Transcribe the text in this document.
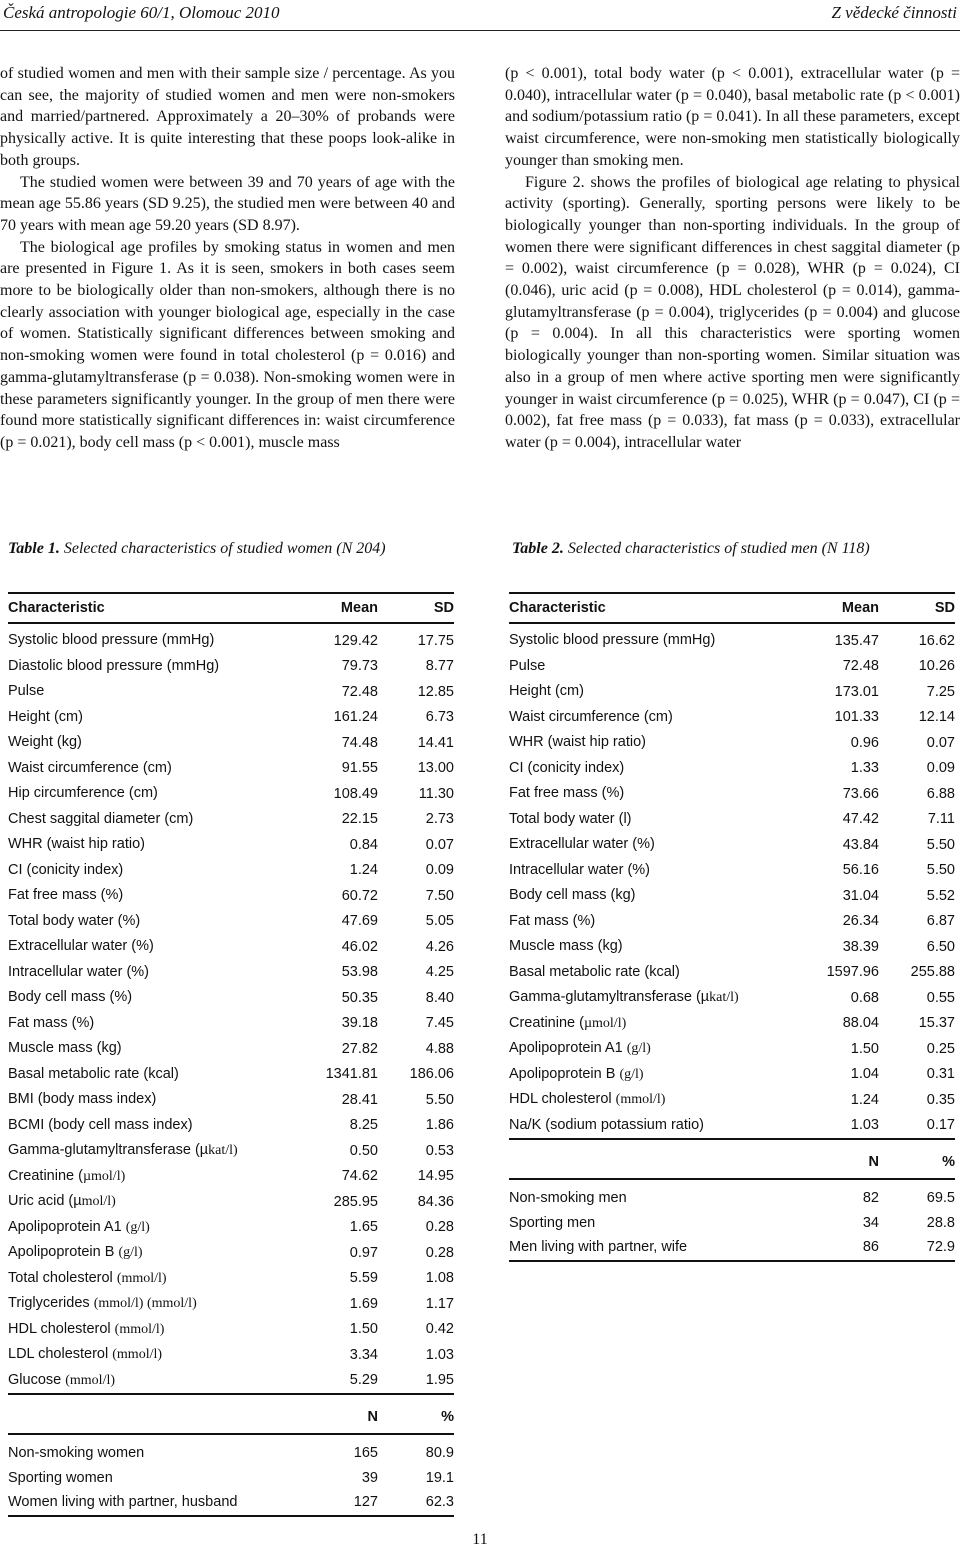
Česká antropologie 60/1, Olomouc 2010	Z vědecké činnosti

of studied women and men with their sample size / percentage. As you can see, the majority of studied women and men were non-smokers and married/partnered. Approximately a 20–30% of probands were physically active. It is quite interesting that these poops look-alike in both groups.

The studied women were between 39 and 70 years of age with the mean age 55.86 years (SD 9.25), the studied men were between 40 and 70 years with mean age 59.20 years (SD 8.97).

The biological age profiles by smoking status in women and men are presented in Figure 1. As it is seen, smokers in both cases seem more to be biologically older than non-smokers, although there is no clearly association with younger biological age, especially in the case of women. Statistically significant differences between smoking and non-smoking women were found in total cholesterol (p = 0.016) and gamma-glutamyltransferase (p = 0.038). Non-smoking women were in these parameters significantly younger. In the group of men there were found more statistically significant differences in: waist circumference (p = 0.021), body cell mass (p < 0.001), muscle mass

(p < 0.001), total body water (p < 0.001), extracellular water (p = 0.040), intracellular water (p = 0.040), basal metabolic rate (p < 0.001) and sodium/potassium ratio (p = 0.041). In all these parameters, except waist circumference, were non-smoking men statistically biologically younger than smoking men.

Figure 2. shows the profiles of biological age relating to physical activity (sporting). Generally, sporting persons were likely to be biologically younger than non-sporting individuals. In the group of women there were significant differences in chest saggital diameter (p = 0.002), waist circumference (p = 0.028), WHR (p = 0.024), CI (0.046), uric acid (p = 0.008), HDL cholesterol (p = 0.014), gamma-glutamyltransferase (p = 0.004), triglycerides (p = 0.004) and glucose (p = 0.004). In all this characteristics were sporting women biologically younger than non-sporting women. Similar situation was also in a group of men where active sporting men were significantly younger in waist circumference (p = 0.025), WHR (p = 0.047), CI (p = 0.002), fat free mass (p = 0.033), fat mass (p = 0.033), extracellular water (p = 0.004), intracellular water

Table 1. Selected characteristics of studied women (N 204)	Table 2. Selected characteristics of studied men (N 118)
Characteristic	Mean	SD
Systolic blood pressure (mmHg)	129.42	17.75
Diastolic blood pressure (mmHg)	79.73	8.77
Pulse	72.48	12.85
Height (cm)	161.24	6.73
Weight (kg)	74.48	14.41
Waist circumference (cm)	91.55	13.00
Hip circumference (cm)	108.49	11.30
Chest saggital diameter (cm)	22.15	2.73
WHR (waist hip ratio)	0.84	0.07
CI (conicity index)	1.24	0.09
Fat free mass (%)	60.72	7.50
Total body water (%)	47.69	5.05
Extracellular water (%)	46.02	4.26
Intracellular water (%)	53.98	4.25
Body cell mass (%)	50.35	8.40
Fat mass (%)	39.18	7.45
Muscle mass (kg)	27.82	4.88
Basal metabolic rate (kcal)	1341.81	186.06
BMI (body mass index)	28.41	5.50
BCMI (body cell mass index)	8.25	1.86
Gamma-glutamyltransferase (µkat/l)	0.50	0.53
Creatinine (µmol/l)	74.62	14.95
Uric acid (µmol/l)	285.95	84.36
Apolipoprotein A1 (g/l)	1.65	0.28
Apolipoprotein B (g/l)	0.97	0.28
Total cholesterol (mmol/l)	5.59	1.08
Triglycerides (mmol/l) (mmol/l)	1.69	1.17
HDL cholesterol (mmol/l)	1.50	0.42
LDL cholesterol (mmol/l)	3.34	1.03
Glucose (mmol/l)	5.29	1.95
	N	%

Non-smoking women	165	80.9
Sporting women	39	19.1
Women living with partner, husband	127	62.3
Characteristic	Mean	SD
Systolic blood pressure (mmHg)	135.47	16.62
Pulse	72.48	10.26
Height (cm)	173.01	7.25
Waist circumference (cm)	101.33	12.14
WHR (waist hip ratio)	0.96	0.07
CI (conicity index)	1.33	0.09
Fat free mass (%)	73.66	6.88
Total body water (l)	47.42	7.11
Extracellular water (%)	43.84	5.50
Intracellular water (%)	56.16	5.50
Body cell mass (kg)	31.04	5.52
Fat mass (%)	26.34	6.87
Muscle mass (kg)	38.39	6.50
Basal metabolic rate (kcal)	1597.96	255.88
Gamma-glutamyltransferase (µkat/l)	0.68	0.55
Creatinine (µmol/l)	88.04	15.37
Apolipoprotein A1 (g/l)	1.50	0.25
Apolipoprotein B (g/l)	1.04	0.31
HDL cholesterol (mmol/l)	1.24	0.35
Na/K (sodium potassium ratio)	1.03	0.17
	N	%

Non-smoking men	82	69.5
Sporting men	34	28.8
Men living with partner, wife	86	72.9
11
